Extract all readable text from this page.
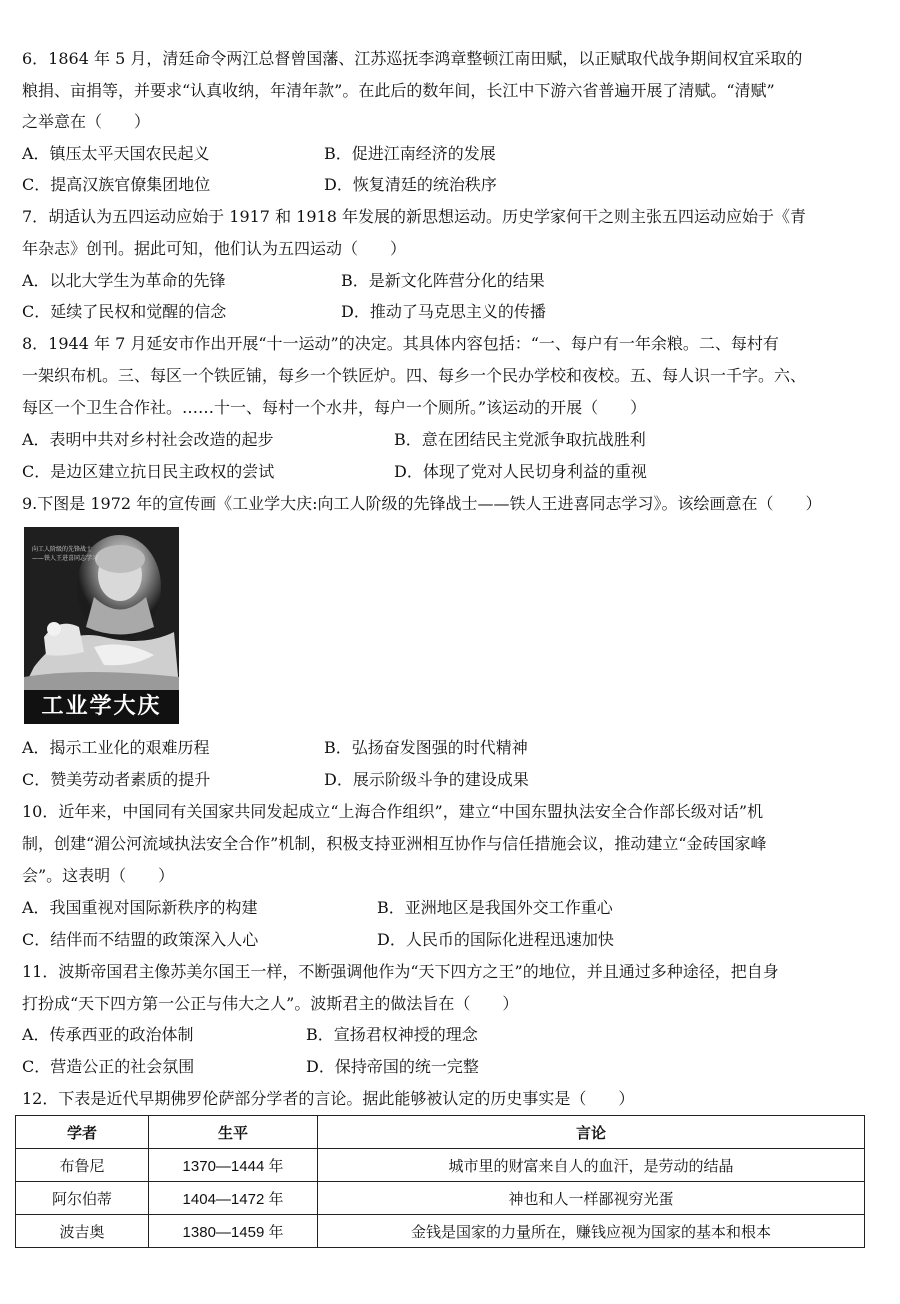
6．1864 年 5 月，清廷命令两江总督曾国藩、江苏巡抚李鸿章整顿江南田赋，以正赋取代战争期间权宜采取的
粮捐、亩捐等，并要求“认真收纳，年清年款”。在此后的数年间，长江中下游六省普遍开展了清赋。“清赋”
之举意在（　　）
A．镇压太平天国农民起义	B．促进江南经济的发展
C．提高汉族官僚集团地位	D．恢复清廷的统治秩序
7．胡适认为五四运动应始于 1917 和 1918 年发展的新思想运动。历史学家何干之则主张五四运动应始于《青
年杂志》创刊。据此可知，他们认为五四运动（　　）
A．以北大学生为革命的先锋	B．是新文化阵营分化的结果
C．延续了民权和觉醒的信念	D．推动了马克思主义的传播
8．1944 年 7 月延安市作出开展“十一运动”的决定。其具体内容包括：“一、每户有一年余粮。二、每村有
一架织布机。三、每区一个铁匠铺，每乡一个铁匠炉。四、每乡一个民办学校和夜校。五、每人识一千字。六、
每区一个卫生合作社。……十一、每村一个水井，每户一个厕所。”该运动的开展（　　）
A．表明中共对乡村社会改造的起步	B．意在团结民主党派争取抗战胜利
C．是边区建立抗日民主政权的尝试	D．体现了党对人民切身利益的重视
9.下图是 1972 年的宣传画《工业学大庆:向工人阶级的先锋战士——铁人王进喜同志学习》。该绘画意在（　　）
向工人阶级的先锋战士
——铁人王进喜同志学习
工业学大庆
A．揭示工业化的艰难历程	B．弘扬奋发图强的时代精神
C．赞美劳动者素质的提升	D．展示阶级斗争的建设成果
10．近年来，中国同有关国家共同发起成立“上海合作组织”，建立“中国东盟执法安全合作部长级对话”机
制，创建“湄公河流域执法安全合作”机制，积极支持亚洲相互协作与信任措施会议，推动建立“金砖国家峰
会”。这表明（　　）
A．我国重视对国际新秩序的构建	B．亚洲地区是我国外交工作重心
C．结伴而不结盟的政策深入人心	D．人民币的国际化进程迅速加快
11．波斯帝国君主像苏美尔国王一样，不断强调他作为“天下四方之王”的地位，并且通过多种途径，把自身
打扮成“天下四方第一公正与伟大之人”。波斯君主的做法旨在（　　）
A．传承西亚的政治体制	B．宣扬君权神授的理念
C．营造公正的社会氛围	D．保持帝国的统一完整
12．下表是近代早期佛罗伦萨部分学者的言论。据此能够被认定的历史事实是（　　）
学者	生平	言论
布鲁尼	1370—1444 年	城市里的财富来自人的血汗，是劳动的结晶
阿尔伯蒂	1404—1472 年	神也和人一样鄙视穷光蛋
波吉奥	1380—1459 年	金钱是国家的力量所在，赚钱应视为国家的基本和根本
